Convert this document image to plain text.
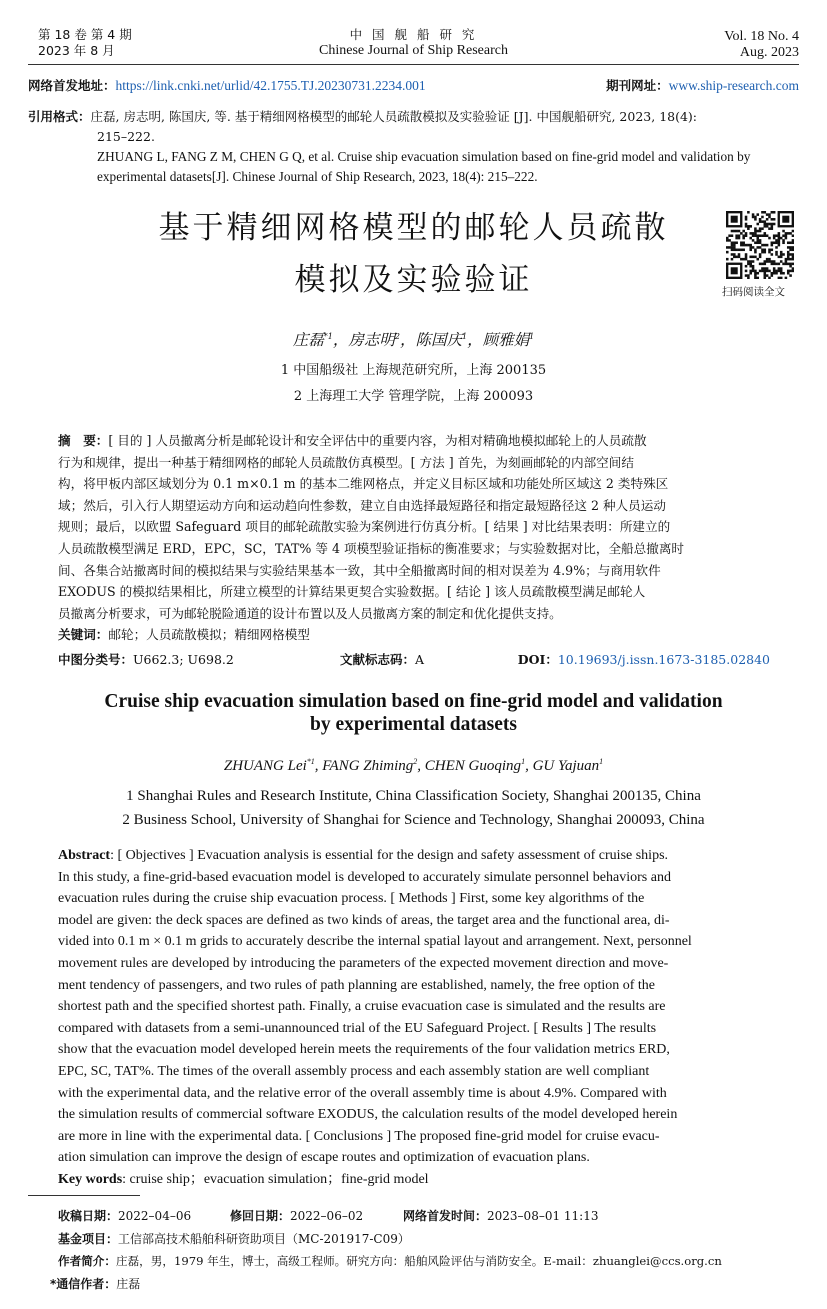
第 18 卷 第 4 期
2023 年 8 月
中 国 舰 船 研 究
Chinese Journal of Ship Research
Vol. 18 No. 4
Aug. 2023
网络首发地址：https://link.cnki.net/urlid/42.1755.TJ.20230731.2234.001	期刊网址：www.ship-research.com
引用格式：庄磊, 房志明, 陈国庆, 等. 基于精细网格模型的邮轮人员疏散模拟及实验验证 [J]. 中国舰船研究, 2023, 18(4):
215–222.
ZHUANG L, FANG Z M, CHEN G Q, et al. Cruise ship evacuation simulation based on fine-grid model and validation by
experimental datasets[J]. Chinese Journal of Ship Research, 2023, 18(4): 215–222.
基于精细网格模型的邮轮人员疏散
模拟及实验验证	扫码阅读全文
庄磊$^{*1}$，房志明$^2$，陈国庆$^1$，顾雅娟$^1$
1 中国船级社 上海规范研究所，上海 200135
2 上海理工大学 管理学院，上海 200093
摘　要：[ 目的 ] 人员撤离分析是邮轮设计和安全评估中的重要内容，为相对精确地模拟邮轮上的人员疏散
行为和规律，提出一种基于精细网格的邮轮人员疏散仿真模型。[ 方法 ] 首先，为刻画邮轮的内部空间结
构，将甲板内部区域划分为 0.1 m×0.1 m 的基本二维网格点，并定义目标区域和功能处所区域这 2 类特殊区
域；然后，引入行人期望运动方向和运动趋向性参数，建立自由选择最短路径和指定最短路径这 2 种人员运动
规则；最后，以欧盟 Safeguard 项目的邮轮疏散实验为案例进行仿真分析。[ 结果 ] 对比结果表明：所建立的
人员疏散模型满足 ERD，EPC，SC，TAT% 等 4 项模型验证指标的衡准要求；与实验数据对比，全船总撤离时
间、各集合站撤离时间的模拟结果与实验结果基本一致，其中全船撤离时间的相对误差为 4.9%；与商用软件
EXODUS 的模拟结果相比，所建立模型的计算结果更契合实验数据。[ 结论 ] 该人员疏散模型满足邮轮人
员撤离分析要求，可为邮轮脱险通道的设计布置以及人员撤离方案的制定和优化提供支持。
关键词：邮轮；人员疏散模拟；精细网格模型
中图分类号：U662.3; U698.2	文献标志码：A	DOI：10.19693/j.issn.1673-3185.02840
Cruise ship evacuation simulation based on fine-grid model and validation
by experimental datasets
ZHUANG Lei$^{*1}$, FANG Zhiming$^2$, CHEN Guoqing$^1$, GU Yajuan$^1$
1 Shanghai Rules and Research Institute, China Classification Society, Shanghai 200135, China
2 Business School, University of Shanghai for Science and Technology, Shanghai 200093, China
Abstract: [ Objectives ] Evacuation analysis is essential for the design and safety assessment of cruise ships.
In this study, a fine-grid-based evacuation model is developed to accurately simulate personnel behaviors and
evacuation rules during the cruise ship evacuation process. [ Methods ] First, some key algorithms of the
model are given: the deck spaces are defined as two kinds of areas, the target area and the functional area, di-
vided into 0.1 m × 0.1 m grids to accurately describe the internal spatial layout and arrangement. Next, personnel
movement rules are developed by introducing the parameters of the expected movement direction and move-
ment tendency of passengers, and two rules of path planning are established, namely, the free option of the
shortest path and the specified shortest path. Finally, a cruise evacuation case is simulated and the results are
compared with datasets from a semi-unannounced trial of the EU Safeguard Project. [ Results ] The results
show that the evacuation model developed herein meets the requirements of the four validation metrics ERD,
EPC, SC, TAT%. The times of the overall assembly process and each assembly station are well compliant
with the experimental data, and the relative error of the overall assembly time is about 4.9%. Compared with
the simulation results of commercial software EXODUS, the calculation results of the model developed herein
are more in line with the experimental data. [ Conclusions ] The proposed fine-grid model for cruise evacu-
ation simulation can improve the design of escape routes and optimization of evacuation plans.
Key words: cruise ship；evacuation simulation；fine-grid model
收稿日期：2022–04–06	修回日期：2022–06–02	网络首发时间：2023–08–01 11:13
基金项目：工信部高技术船舶科研资助项目（MC-201917-C09）
作者简介：庄磊，男，1979 年生，博士，高级工程师。研究方向：船舶风险评估与消防安全。E-mail：zhuanglei@ccs.org.cn
*通信作者：庄磊
